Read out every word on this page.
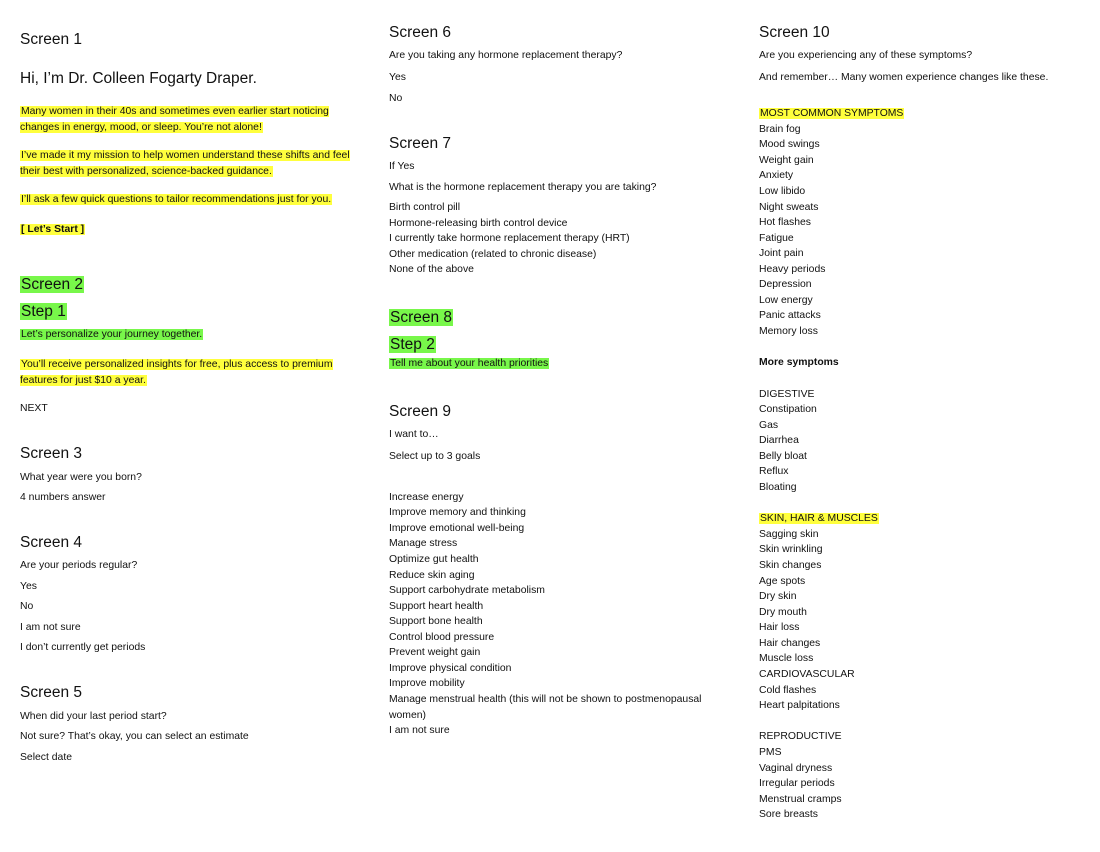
Screen 1
Hi, I’m Dr. Colleen Fogarty Draper.
Many women in their 40s and sometimes even earlier start noticing changes in energy, mood, or sleep. You’re not alone!
I’ve made it my mission to help women understand these shifts and feel their best with personalized, science-backed guidance.
I’ll ask a few quick questions to tailor recommendations just for you.
[ Let’s Start ]
Screen 2
Step 1
Let’s personalize your journey together.
You’ll receive personalized insights for free, plus access to premium features for just $10 a year.
NEXT
Screen 3
What year were you born?
4 numbers answer
Screen 4
Are your periods regular?
Yes
No
I am not sure
I don’t currently get periods
Screen 5
When did your last period start?
Not sure? That’s okay, you can select an estimate
Select date
Screen 6
Are you taking any hormone replacement therapy?
Yes
No
Screen 7
If Yes
What is the hormone replacement therapy you are taking?
Birth control pill
Hormone-releasing birth control device
I currently take hormone replacement therapy (HRT)
Other medication (related to chronic disease)
None of the above
Screen 8
Step 2
Tell me about your health priorities
Screen 9
I want to…
Select up to 3 goals
Increase energy
Improve memory and thinking
Improve emotional well-being
Manage stress
Optimize gut health
Reduce skin aging
Support carbohydrate metabolism
Support heart health
Support bone health
Control blood pressure
Prevent weight gain
Improve physical condition
Improve mobility
Manage menstrual health (this will not be shown to postmenopausal women)
I am not sure
Screen 10
Are you experiencing any of these symptoms?
And remember… Many women experience changes like these.
MOST COMMON SYMPTOMS
Brain fog
Mood swings
Weight gain
Anxiety
Low libido
Night sweats
Hot flashes
Fatigue
Joint pain
Heavy periods
Depression
Low energy
Panic attacks
Memory loss
More symptoms
DIGESTIVE
Constipation
Gas
Diarrhea
Belly bloat
Reflux
Bloating
SKIN, HAIR & MUSCLES
Sagging skin
Skin wrinkling
Skin changes
Age spots
Dry skin
Dry mouth
Hair loss
Hair changes
Muscle loss
CARDIOVASCULAR
Cold flashes
Heart palpitations
REPRODUCTIVE
PMS
Vaginal dryness
Irregular periods
Menstrual cramps
Sore breasts
